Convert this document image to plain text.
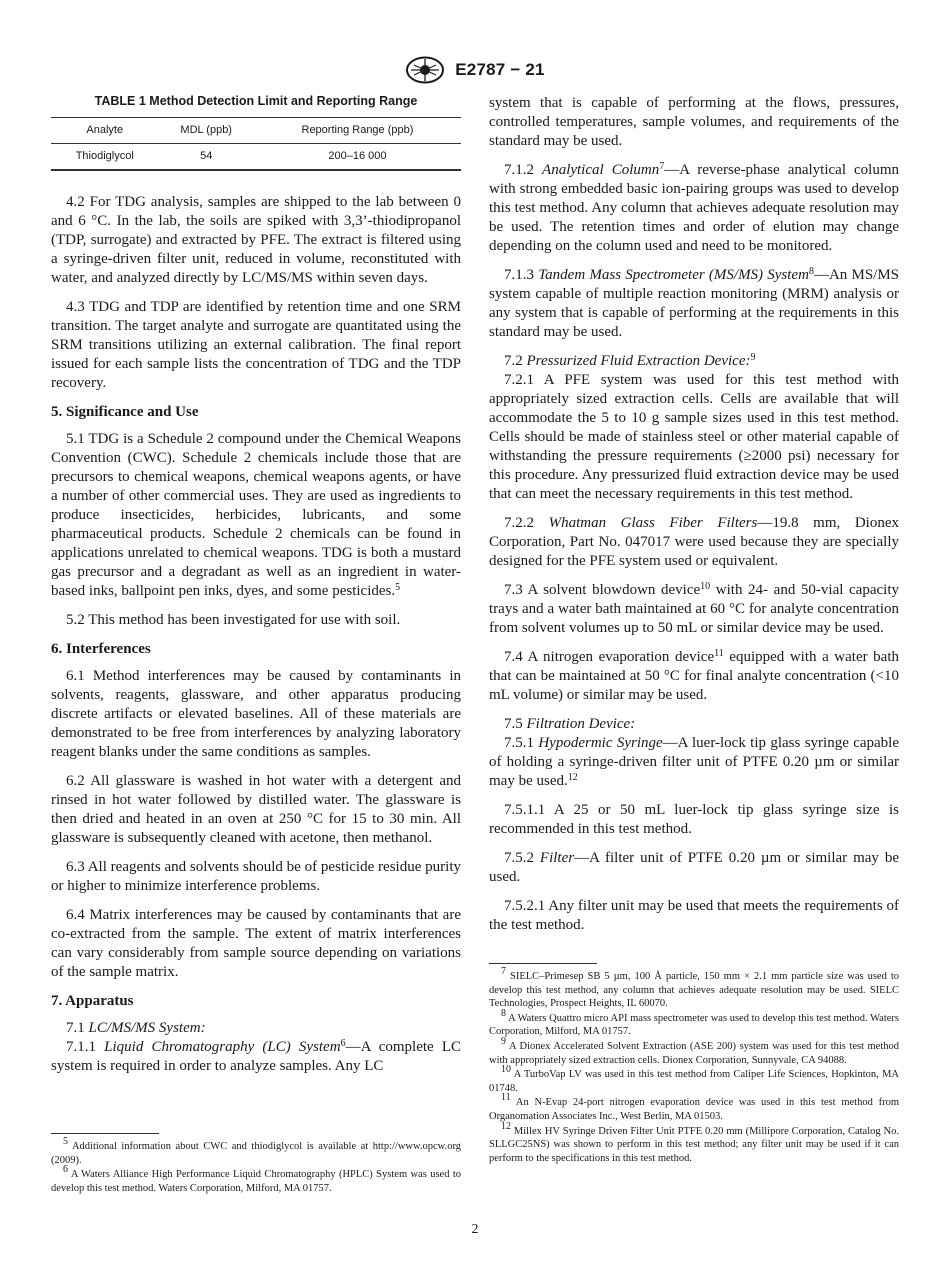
E2787 − 21
TABLE 1 Method Detection Limit and Reporting Range
Analyte	MDL (ppb)	Reporting Range (ppb)
Thiodiglycol	54	200–16 000

4.2 For TDG analysis, samples are shipped to the lab between 0 and 6 °C. In the lab, the soils are spiked with 3,3’-thiodipropanol (TDP, surrogate) and extracted by PFE. The extract is filtered using a syringe-driven filter unit, reduced in volume, reconstituted with water, and analyzed directly by LC/MS/MS within seven days.

4.3 TDG and TDP are identified by retention time and one SRM transition. The target analyte and surrogate are quantitated using the SRM transitions utilizing an external calibration. The final report issued for each sample lists the concentration of TDG and the TDP recovery.

5. Significance and Use

5.1 TDG is a Schedule 2 compound under the Chemical Weapons Convention (CWC). Schedule 2 chemicals include those that are precursors to chemical weapons, chemical weapons agents, or have a number of other commercial uses. They are used as ingredients to produce insecticides, herbicides, lubricants, and some pharmaceutical products. Schedule 2 chemicals can be found in applications unrelated to chemical weapons. TDG is both a mustard gas precursor and a degradant as well as an ingredient in water-based inks, ballpoint pen inks, dyes, and some pesticides.$^5$

5.2 This method has been investigated for use with soil.

6. Interferences

6.1 Method interferences may be caused by contaminants in solvents, reagents, glassware, and other apparatus producing discrete artifacts or elevated baselines. All of these materials are demonstrated to be free from interferences by analyzing laboratory reagent blanks under the same conditions as samples.

6.2 All glassware is washed in hot water with a detergent and rinsed in hot water followed by distilled water. The glassware is then dried and heated in an oven at 250 °C for 15 to 30 min. All glassware is subsequently cleaned with acetone, then methanol.

6.3 All reagents and solvents should be of pesticide residue purity or higher to minimize interference problems.

6.4 Matrix interferences may be caused by contaminants that are co-extracted from the sample. The extent of matrix interferences can vary considerably from sample source depending on variations of the sample matrix.

7. Apparatus

7.1 LC/MS/MS System:

7.1.1 Liquid Chromatography (LC) System$^6$—A complete LC system is required in order to analyze samples. Any LC

system that is capable of performing at the flows, pressures, controlled temperatures, sample volumes, and requirements of the standard may be used.

7.1.2 Analytical Column$^7$—A reverse-phase analytical column with strong embedded basic ion-pairing groups was used to develop this test method. Any column that achieves adequate resolution may be used. The retention times and order of elution may change depending on the column used and need to be monitored.

7.1.3 Tandem Mass Spectrometer (MS/MS) System$^8$—An MS/MS system capable of multiple reaction monitoring (MRM) analysis or any system that is capable of performing at the requirements in this standard may be used.

7.2 Pressurized Fluid Extraction Device:$^9$

7.2.1 A PFE system was used for this test method with appropriately sized extraction cells. Cells are available that will accommodate the 5 to 10 g sample sizes used in this test method. Cells should be made of stainless steel or other material capable of withstanding the pressure requirements (≥2000 psi) necessary for this procedure. Any pressurized fluid extraction device may be used that can meet the necessary requirements in this test method.

7.2.2 Whatman Glass Fiber Filters—19.8 mm, Dionex Corporation, Part No. 047017 were used because they are specially designed for the PFE system used or equivalent.

7.3 A solvent blowdown device$^{10}$ with 24- and 50-vial capacity trays and a water bath maintained at 60 °C for analyte concentration from solvent volumes up to 50 mL or similar device may be used.

7.4 A nitrogen evaporation device$^{11}$ equipped with a water bath that can be maintained at 50 °C for final analyte concentration (<10 mL volume) or similar may be used.

7.5 Filtration Device:

7.5.1 Hypodermic Syringe—A luer-lock tip glass syringe capable of holding a syringe-driven filter unit of PTFE 0.20 µm or similar may be used.$^{12}$

7.5.1.1 A 25 or 50 mL luer-lock tip glass syringe size is recommended in this test method.

7.5.2 Filter—A filter unit of PTFE 0.20 µm or similar may be used.

7.5.2.1 Any filter unit may be used that meets the requirements of the test method.

$^5$ Additional information about CWC and thiodiglycol is available at http://www.opcw.org (2009).

$^6$ A Waters Alliance High Performance Liquid Chromatography (HPLC) System was used to develop this test method. Waters Corporation, Milford, MA 01757.

$^7$ SIELC–Primesep SB 5 µm, 100 Å particle, 150 mm × 2.1 mm particle size was used to develop this test method, any column that achieves adequate resolution may be used. SIELC Technologies, Prospect Heights, IL 60070.

$^8$ A Waters Quattro micro API mass spectrometer was used to develop this test method. Waters Corporation, Milford, MA 01757.

$^9$ A Dionex Accelerated Solvent Extraction (ASE 200) system was used for this test method with appropriately sized extraction cells. Dionex Corporation, Sunnyvale, CA 94088.

$^{10}$ A TurboVap LV was used in this test method from Caliper Life Sciences, Hopkinton, MA 01748.

$^{11}$ An N-Evap 24-port nitrogen evaporation device was used in this test method from Organomation Associates Inc., West Berlin, MA 01503.

$^{12}$ Millex HV Syringe Driven Filter Unit PTFE 0.20 mm (Millipore Corporation, Catalog No. SLLGC25NS) was shown to perform in this test method; any filter unit may be used if it can perform to the specifications in this test method.

2
